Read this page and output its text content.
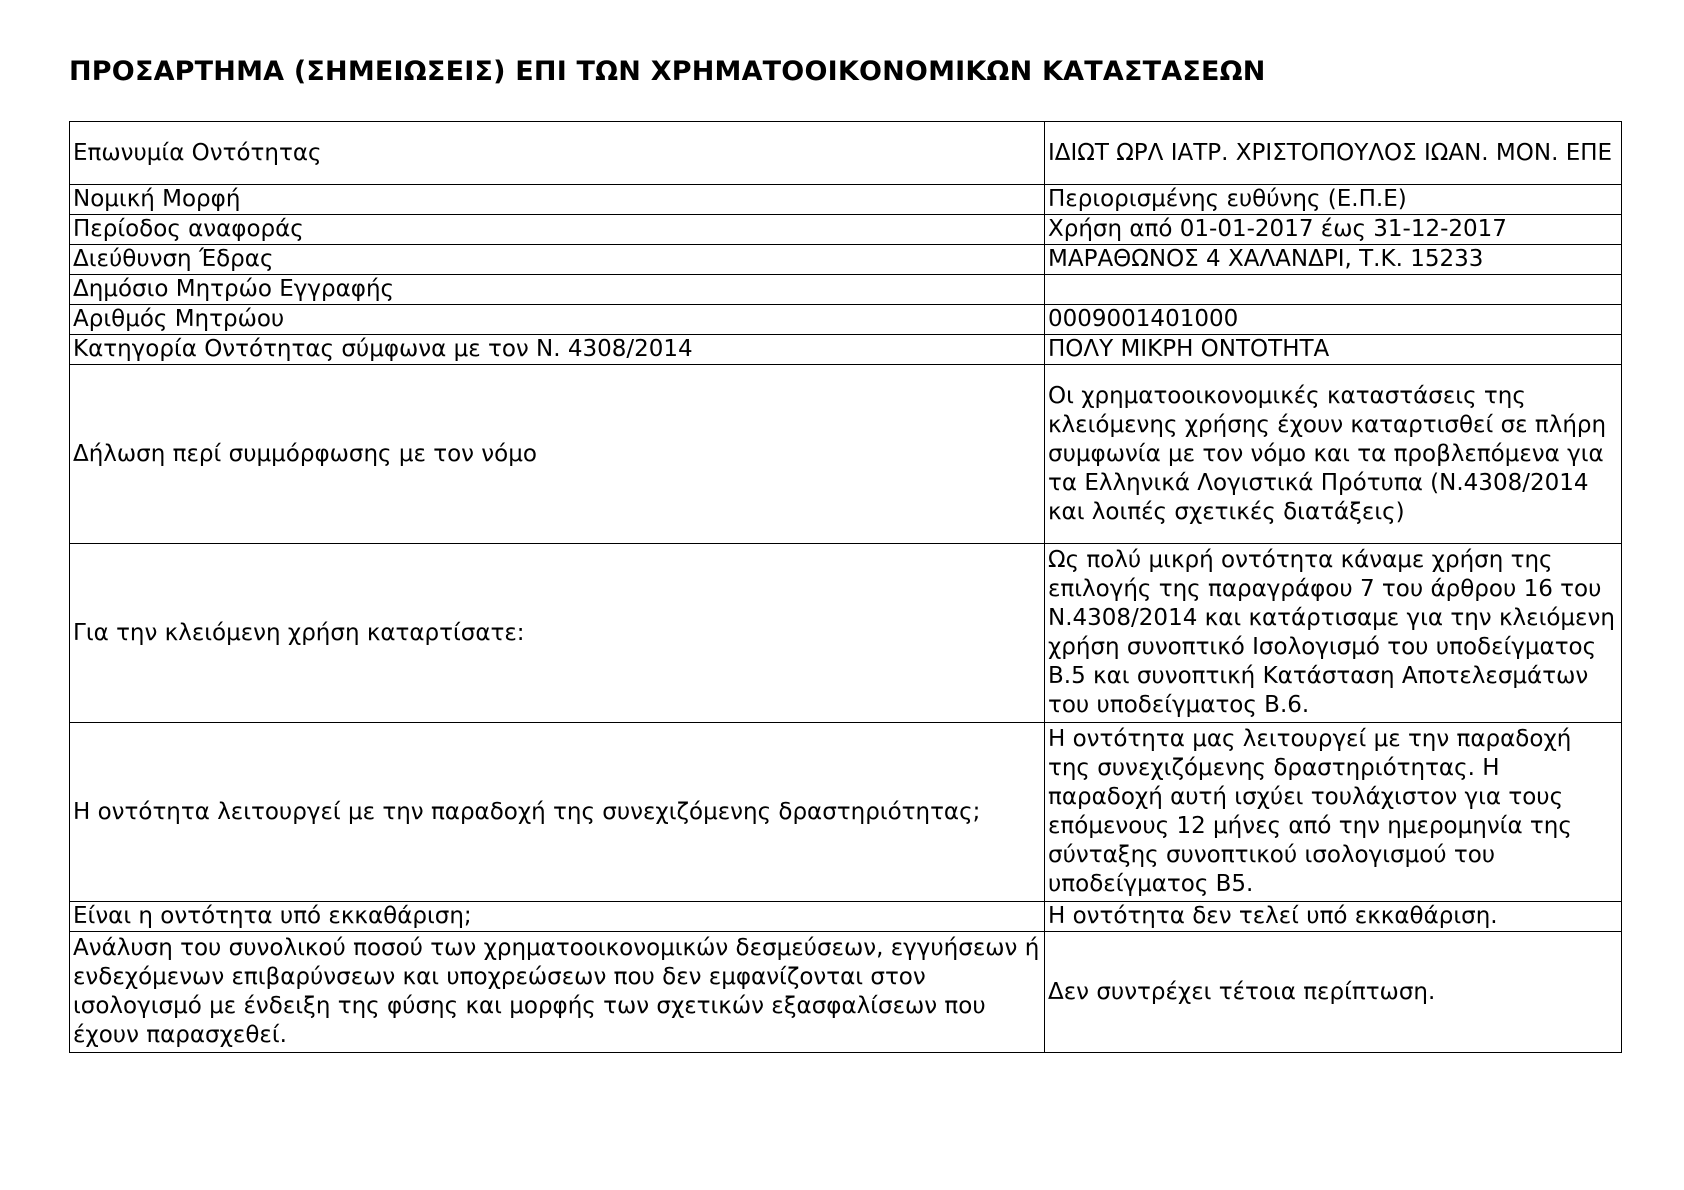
ΠΡΟΣΑΡΤΗΜΑ (ΣΗΜΕΙΩΣΕΙΣ) ΕΠΙ ΤΩΝ ΧΡΗΜΑΤΟΟΙΚΟΝΟΜΙΚΩΝ ΚΑΤΑΣΤΑΣΕΩΝ
Επωνυμία Οντότητας	ΙΔΙΩΤ ΩΡΛ ΙΑΤΡ. ΧΡΙΣΤΟΠΟΥΛΟΣ ΙΩΑΝ. ΜΟΝ. ΕΠΕ
Νομική Μορφή	Περιορισμένης ευθύνης (Ε.Π.Ε)
Περίοδος αναφοράς	Χρήση από 01-01-2017 έως 31-12-2017
Διεύθυνση Έδρας	ΜΑΡΑΘΩΝΟΣ 4 ΧΑΛΑΝΔΡΙ, Τ.Κ. 15233
Δημόσιο Μητρώο Εγγραφής	
Αριθμός Μητρώου	0009001401000
Κατηγορία Οντότητας σύμφωνα με τον Ν. 4308/2014	ΠΟΛΥ ΜΙΚΡΗ ΟΝΤΟΤΗΤΑ
Δήλωση περί συμμόρφωσης με τον νόμο	Οι χρηματοοικονομικές καταστάσεις της κλειόμενης χρήσης έχουν καταρτισθεί σε πλήρη συμφωνία με τον νόμο και τα προβλεπόμενα για τα Ελληνικά Λογιστικά Πρότυπα (Ν.4308/2014 και λοιπές σχετικές διατάξεις)
Για την κλειόμενη χρήση καταρτίσατε:	Ως πολύ μικρή οντότητα κάναμε χρήση της επιλογής της παραγράφου 7 του άρθρου 16 του Ν.4308/2014 και κατάρτισαμε για την κλειόμενη χρήση συνοπτικό Ισολογισμό του υποδείγματος Β.5 και συνοπτική Κατάσταση Αποτελεσμάτων του υποδείγματος Β.6.
Η οντότητα λειτουργεί με την παραδοχή της συνεχιζόμενης δραστηριότητας;	Η οντότητα μας λειτουργεί με την παραδοχή της συνεχιζόμενης δραστηριότητας. Η παραδοχή αυτή ισχύει τουλάχιστον για τους επόμενους 12 μήνες από την ημερομηνία της σύνταξης συνοπτικού ισολογισμού του υποδείγματος Β5.
Είναι η οντότητα υπό εκκαθάριση;	Η οντότητα δεν τελεί υπό εκκαθάριση.
Ανάλυση του συνολικού ποσού των χρηματοοικονομικών δεσμεύσεων, εγγυήσεων ή ενδεχόμενων επιβαρύνσεων και υποχρεώσεων που δεν εμφανίζονται στον ισολογισμό με ένδειξη της φύσης και μορφής των σχετικών εξασφαλίσεων που έχουν παρασχεθεί.	Δεν συντρέχει τέτοια περίπτωση.
